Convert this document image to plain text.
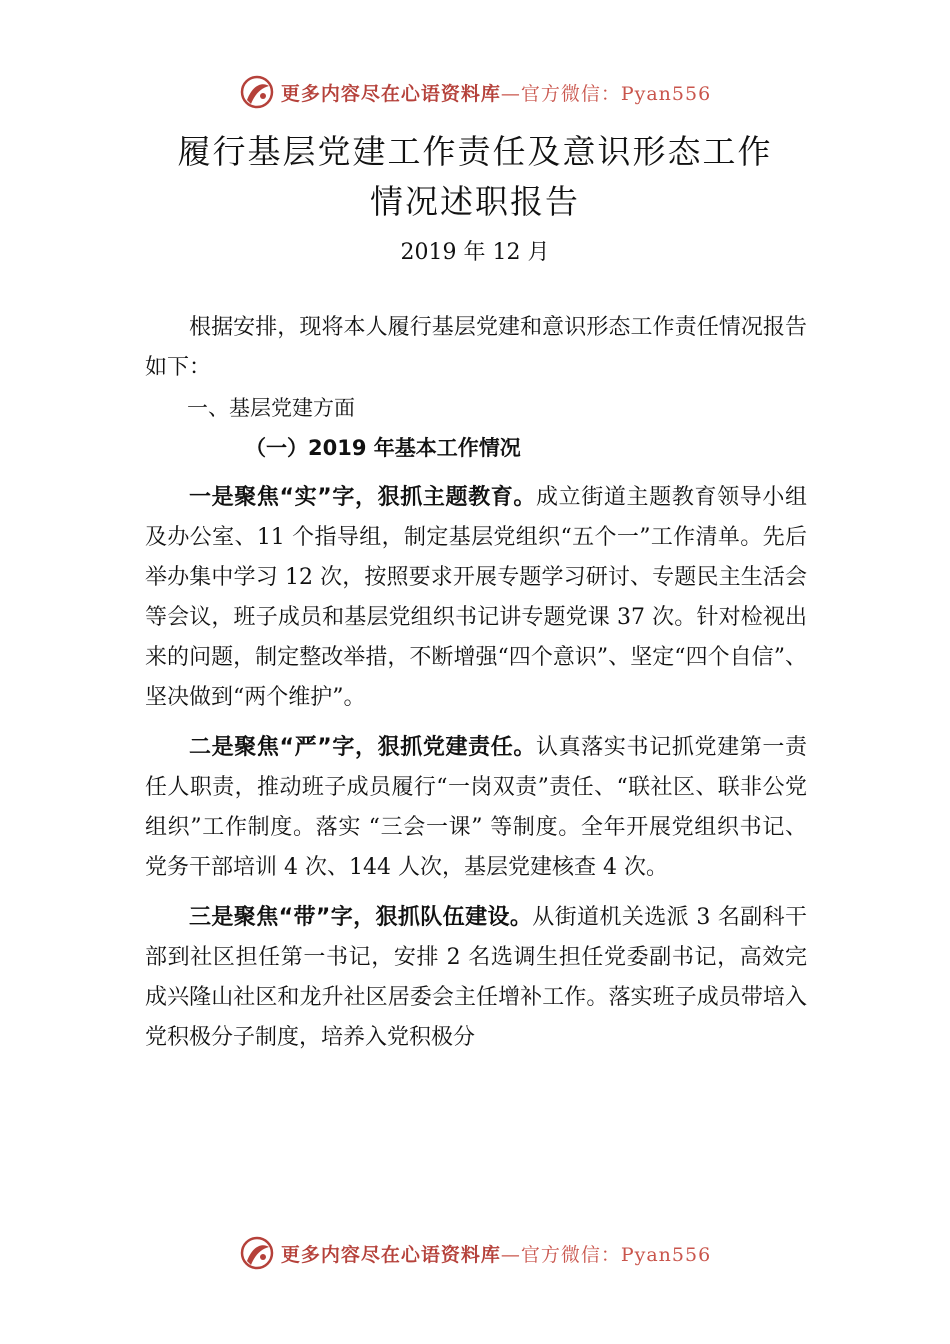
更多内容尽在心语资料库—官方微信：Pyan556
履行基层党建工作责任及意识形态工作
情况述职报告
2019 年 12 月

根据安排，现将本人履行基层党建和意识形态工作责任情况报告如下：

一、基层党建方面

（一）2019 年基本工作情况

一是聚焦“实”字，狠抓主题教育。成立街道主题教育领导小组及办公室、11 个指导组，制定基层党组织“五个一”工作清单。先后举办集中学习 12 次，按照要求开展专题学习研讨、专题民主生活会等会议，班子成员和基层党组织书记讲专题党课 37 次。针对检视出来的问题，制定整改举措，不断增强“四个意识”、坚定“四个自信”、坚决做到“两个维护”。

二是聚焦“严”字，狠抓党建责任。认真落实书记抓党建第一责任人职责，推动班子成员履行“一岗双责”责任、“联社区、联非公党组织”工作制度。落实 “三会一课” 等制度。全年开展党组织书记、党务干部培训 4 次、144 人次，基层党建核查 4 次。

三是聚焦“带”字，狠抓队伍建设。从街道机关选派 3 名副科干部到社区担任第一书记，安排 2 名选调生担任党委副书记，高效完成兴隆山社区和龙升社区居委会主任增补工作。落实班子成员带培入党积极分子制度，培养入党积极分

更多内容尽在心语资料库—官方微信：Pyan556
